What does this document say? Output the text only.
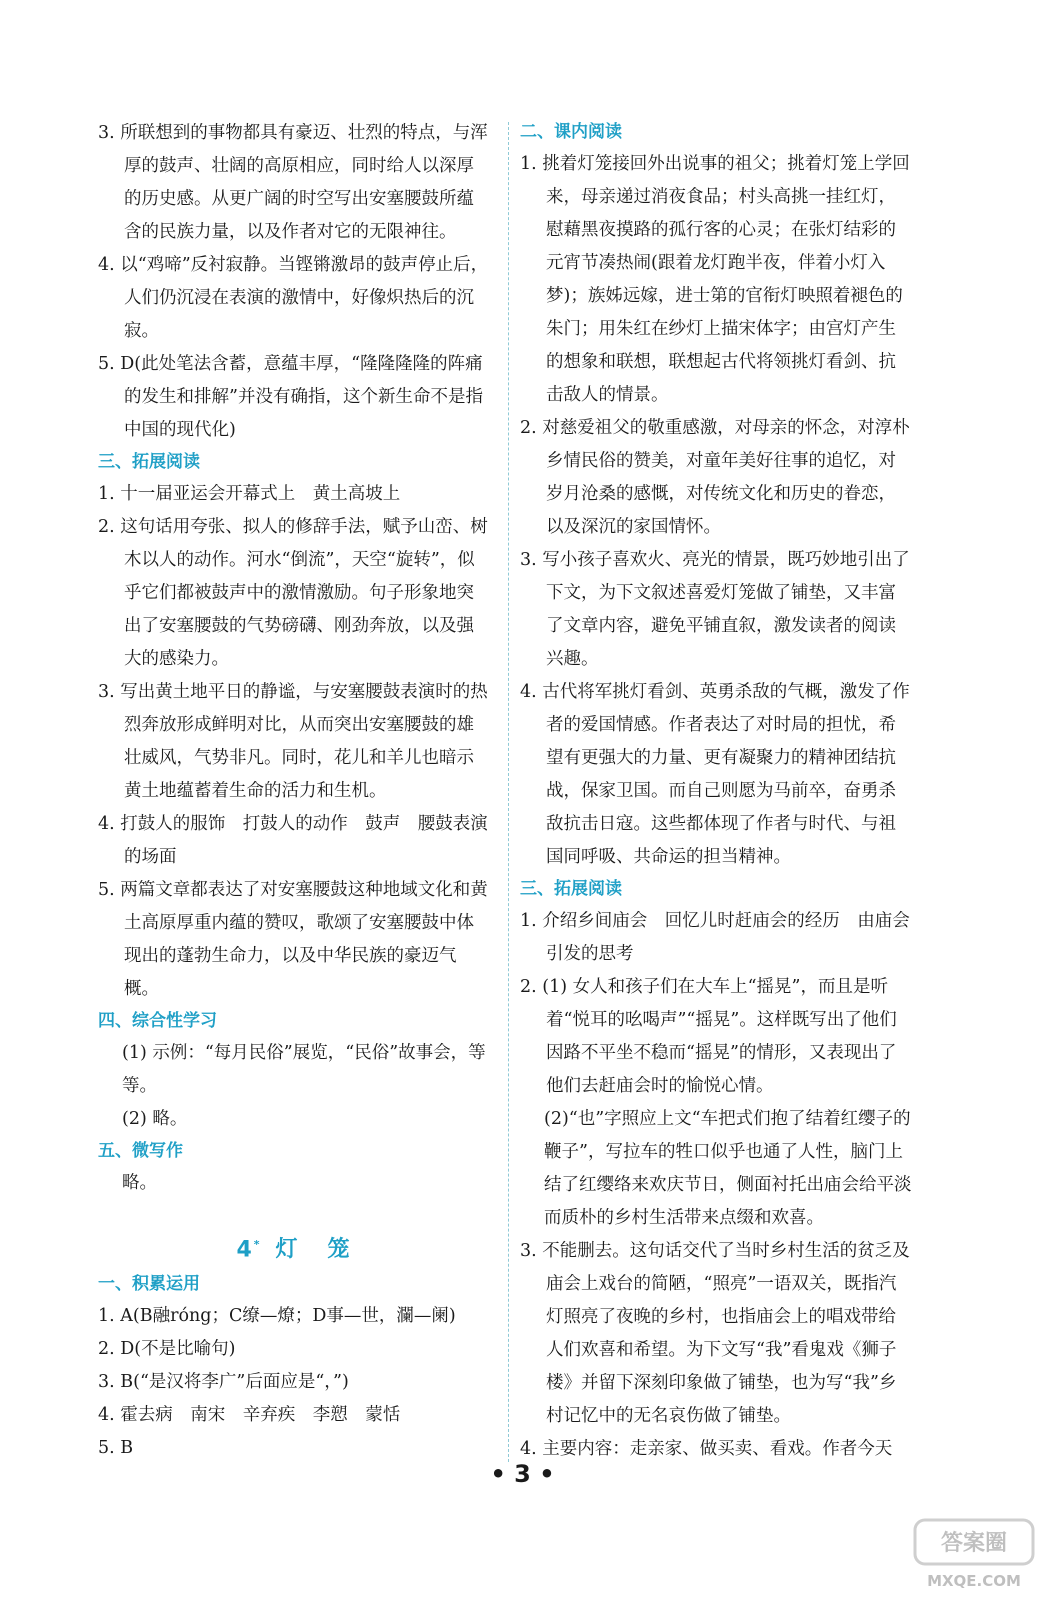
3. 所联想到的事物都具有豪迈、壮烈的特点，与浑厚的鼓声、壮阔的高原相应，同时给人以深厚的历史感。从更广阔的时空写出安塞腰鼓所蕴含的民族力量，以及作者对它的无限神往。
4. 以“鸡啼”反衬寂静。当铿锵激昂的鼓声停止后，人们仍沉浸在表演的激情中，好像炽热后的沉寂。
5. D(此处笔法含蓄，意蕴丰厚，“隆隆隆隆的阵痛的发生和排解”并没有确指，这个新生命不是指中国的现代化)
三、拓展阅读
1. 十一届亚运会开幕式上　黄土高坡上
2. 这句话用夸张、拟人的修辞手法，赋予山峦、树木以人的动作。河水“倒流”，天空“旋转”，似乎它们都被鼓声中的激情激励。句子形象地突出了安塞腰鼓的气势磅礴、刚劲奔放，以及强大的感染力。
3. 写出黄土地平日的静谧，与安塞腰鼓表演时的热烈奔放形成鲜明对比，从而突出安塞腰鼓的雄壮威风，气势非凡。同时，花儿和羊儿也暗示黄土地蕴蓄着生命的活力和生机。
4. 打鼓人的服饰　打鼓人的动作　鼓声　腰鼓表演的场面
5. 两篇文章都表达了对安塞腰鼓这种地域文化和黄土高原厚重内蕴的赞叹，歌颂了安塞腰鼓中体现出的蓬勃生命力，以及中华民族的豪迈气概。
四、综合性学习
(1) 示例：“每月民俗”展览，“民俗”故事会，等等。
(2) 略。
五、微写作
略。
4* 灯 笼
一、积累运用
1. A(B融róng；C缭—燎；D事—世，瀾—阑)
2. D(不是比喻句)
3. B(“是汉将李广”后面应是“，”)
4. 霍去病　南宋　辛弃疾　李愬　蒙恬
5. B
二、课内阅读
1. 挑着灯笼接回外出说事的祖父；挑着灯笼上学回来，母亲递过消夜食品；村头高挑一挂红灯，慰藉黑夜摸路的孤行客的心灵；在张灯结彩的元宵节凑热闹(跟着龙灯跑半夜，伴着小灯入梦)；族姊远嫁，进士第的官衔灯映照着褪色的朱门；用朱红在纱灯上描宋体字；由宫灯产生的想象和联想，联想起古代将领挑灯看剑、抗击敌人的情景。
2. 对慈爱祖父的敬重感激，对母亲的怀念，对淳朴乡情民俗的赞美，对童年美好往事的追忆，对岁月沧桑的感慨，对传统文化和历史的眷恋，以及深沉的家国情怀。
3. 写小孩子喜欢火、亮光的情景，既巧妙地引出了下文，为下文叙述喜爱灯笼做了铺垫，又丰富了文章内容，避免平铺直叙，激发读者的阅读兴趣。
4. 古代将军挑灯看剑、英勇杀敌的气概，激发了作者的爱国情感。作者表达了对时局的担忧，希望有更强大的力量、更有凝聚力的精神团结抗战，保家卫国。而自己则愿为马前卒，奋勇杀敌抗击日寇。这些都体现了作者与时代、与祖国同呼吸、共命运的担当精神。
三、拓展阅读
1. 介绍乡间庙会　回忆儿时赶庙会的经历　由庙会引发的思考
2. (1) 女人和孩子们在大车上“摇晃”，而且是听着“悦耳的吆喝声”“摇晃”。这样既写出了他们因路不平坐不稳而“摇晃”的情形，又表现出了他们去赶庙会时的愉悦心情。
(2)“也”字照应上文“车把式们抱了结着红缨子的鞭子”，写拉车的牲口似乎也通了人性，脑门上结了红缨络来欢庆节日，侧面衬托出庙会给平淡而质朴的乡村生活带来点缀和欢喜。
3. 不能删去。这句话交代了当时乡村生活的贫乏及庙会上戏台的简陋，“照亮”一语双关，既指汽灯照亮了夜晚的乡村，也指庙会上的唱戏带给人们欢喜和希望。为下文写“我”看鬼戏《狮子楼》并留下深刻印象做了铺垫，也为写“我”乡村记忆中的无名哀伤做了铺垫。
4. 主要内容：走亲家、做买卖、看戏。作者今天
• 3 •
答案圈
MXQE.COM
